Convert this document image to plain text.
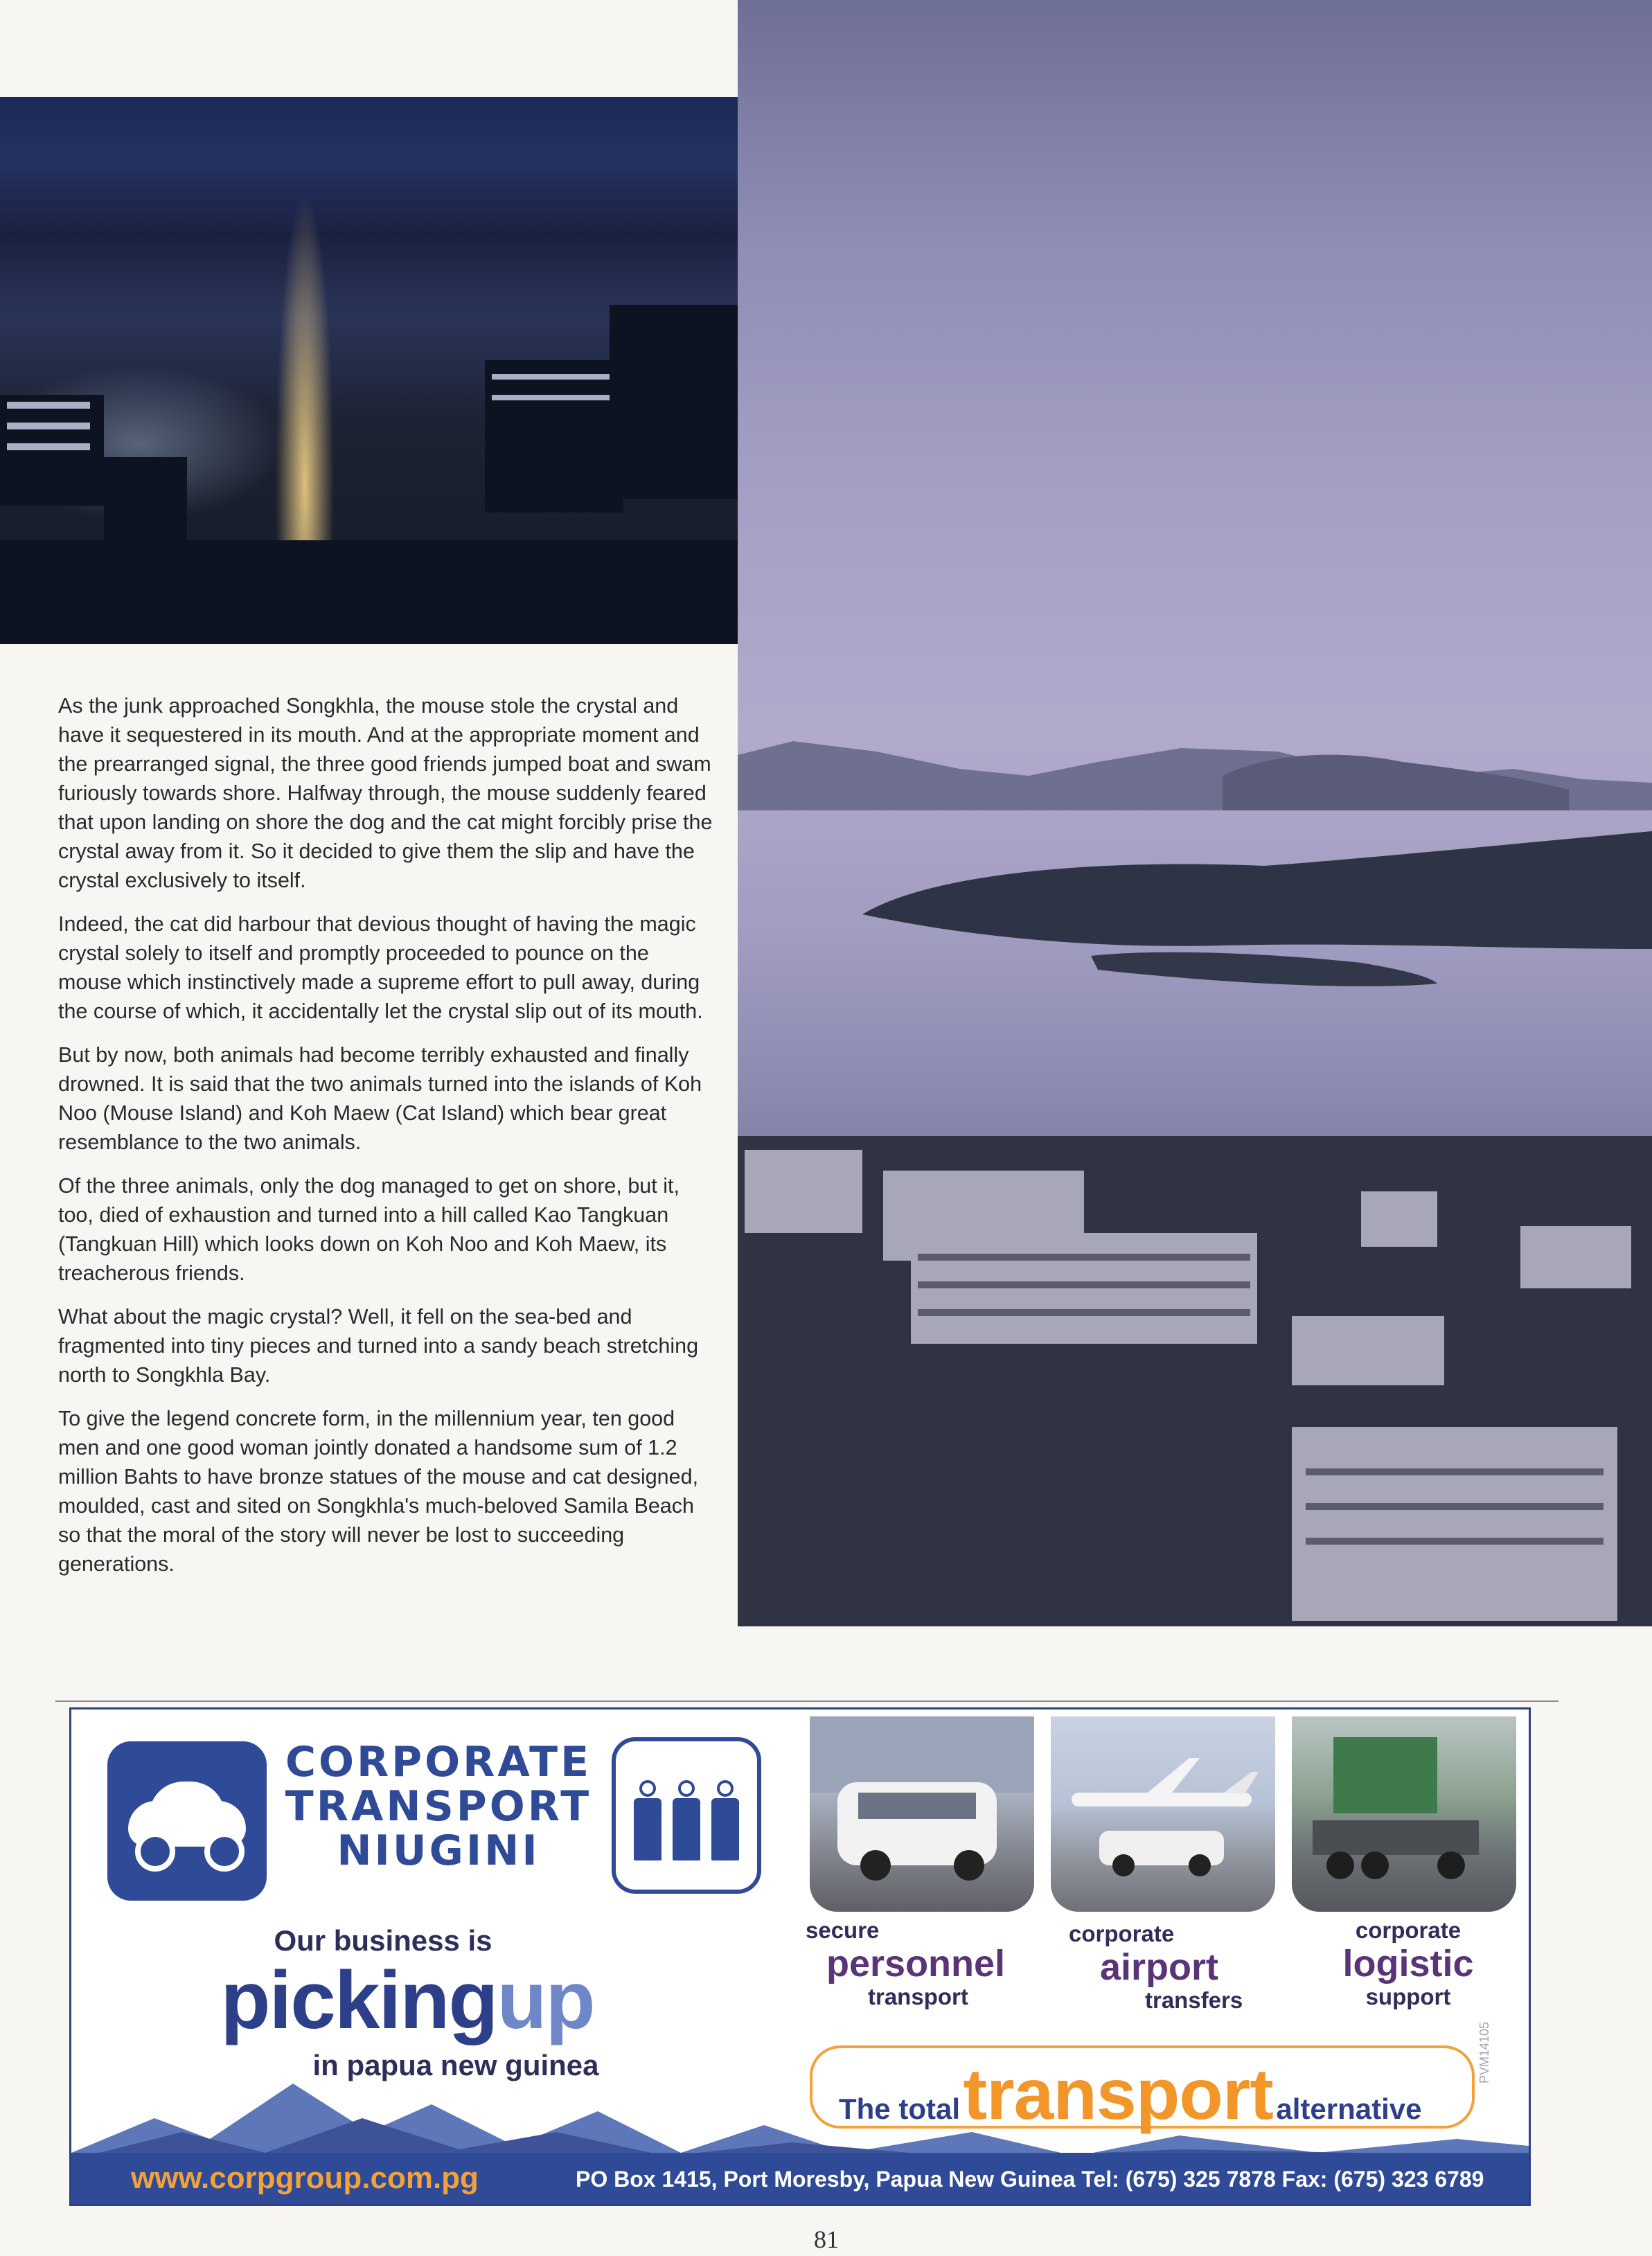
As the junk approached Songkhla, the mouse stole the crystal and have it sequestered in its mouth. And at the appropriate moment and the prearranged signal, the three good friends jumped boat and swam furiously towards shore. Halfway through, the mouse suddenly feared that upon landing on shore the dog and the cat might forcibly prise the crystal away from it. So it decided to give them the slip and have the crystal exclusively to itself.

Indeed, the cat did harbour that devious thought of having the magic crystal solely to itself and promptly proceeded to pounce on the mouse which instinctively made a supreme effort to pull away, during the course of which, it accidentally let the crystal slip out of its mouth.

But by now, both animals had become terribly exhausted and finally drowned. It is said that the two animals turned into the islands of Koh Noo (Mouse Island) and Koh Maew (Cat Island) which bear great resemblance to the two animals.

Of the three animals, only the dog managed to get on shore, but it, too, died of exhaustion and turned into a hill called Kao Tangkuan (Tangkuan Hill) which looks down on Koh Noo and Koh Maew, its treacherous friends.

What about the magic crystal? Well, it fell on the sea-bed and fragmented into tiny pieces and turned into a sandy beach stretching north to Songkhla Bay.

To give the legend concrete form, in the millennium year, ten good men and one good woman jointly donated a handsome sum of 1.2 million Bahts to have bronze statues of the mouse and cat designed, moulded, cast and sited on Songkhla's much-beloved Samila Beach so that the moral of the story will never be lost to succeeding generations.

CORPORATE
TRANSPORT
NIUGINI
Our business is
pickingup
in papua new guinea
secure
personnel
transport
corporate
airport
transfers
corporate
logistic
support
The total transport alternative
www.corpgroup.com.pg	PO Box 1415, Port Moresby, Papua New Guinea Tel: (675) 325 7878 Fax: (675) 323 6789
PVM14105
81
